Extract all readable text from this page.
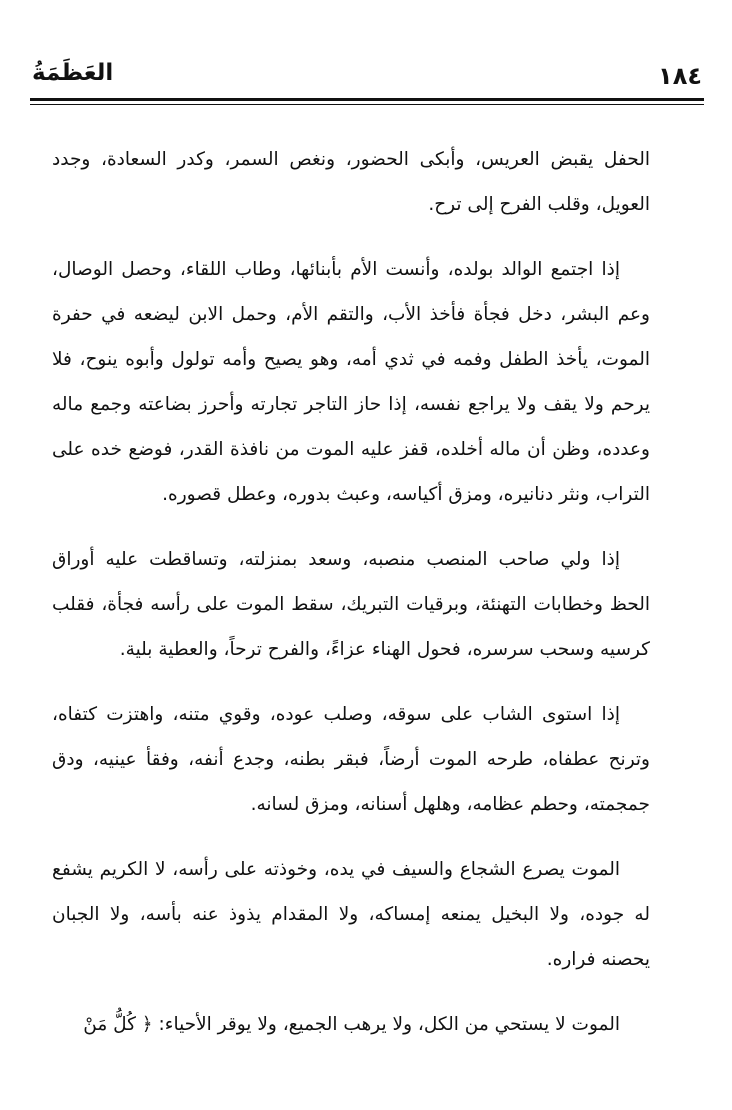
١٨٤
العَظَمَةُ

الحفل يقبض العريس، وأبكى الحضور، ونغص السمر، وكدر السعادة، وجدد العويل، وقلب الفرح إلى ترح.

إذا اجتمع الوالد بولده، وأنست الأم بأبنائها، وطاب اللقاء، وحصل الوصال، وعم البشر، دخل فجأة فأخذ الأب، والتقم الأم، وحمل الابن ليضعه في حفرة الموت، يأخذ الطفل وفمه في ثدي أمه، وهو يصيح وأمه تولول وأبوه ينوح، فلا يرحم ولا يقف ولا يراجع نفسه، إذا حاز التاجر تجارته وأحرز بضاعته وجمع ماله وعدده، وظن أن ماله أخلده، قفز عليه الموت من نافذة القدر، فوضع خده على التراب، ونثر دنانيره، ومزق أكياسه، وعبث بدوره، وعطل قصوره.

إذا ولي صاحب المنصب منصبه، وسعد بمنزلته، وتساقطت عليه أوراق الحظ وخطابات التهنئة، وبرقيات التبريك، سقط الموت على رأسه فجأة، فقلب كرسيه وسحب سرسره، فحول الهناء عزاءً، والفرح ترحاً، والعطية بلية.

إذا استوى الشاب على سوقه، وصلب عوده، وقوي متنه، واهتزت كتفاه، وترنح عطفاه، طرحه الموت أرضاً، فبقر بطنه، وجدع أنفه، وفقأ عينيه، ودق جمجمته، وحطم عظامه، وهلهل أسنانه، ومزق لسانه.

الموت يصرع الشجاع والسيف في يده، وخوذته على رأسه، لا الكريم يشفع له جوده، ولا البخيل يمنعه إمساكه، ولا المقدام يذوذ عنه بأسه، ولا الجبان يحصنه فراره.

الموت لا يستحي من الكل، ولا يرهب الجميع، ولا يوقر الأحياء: ﴿ كُلُّ مَنْ
